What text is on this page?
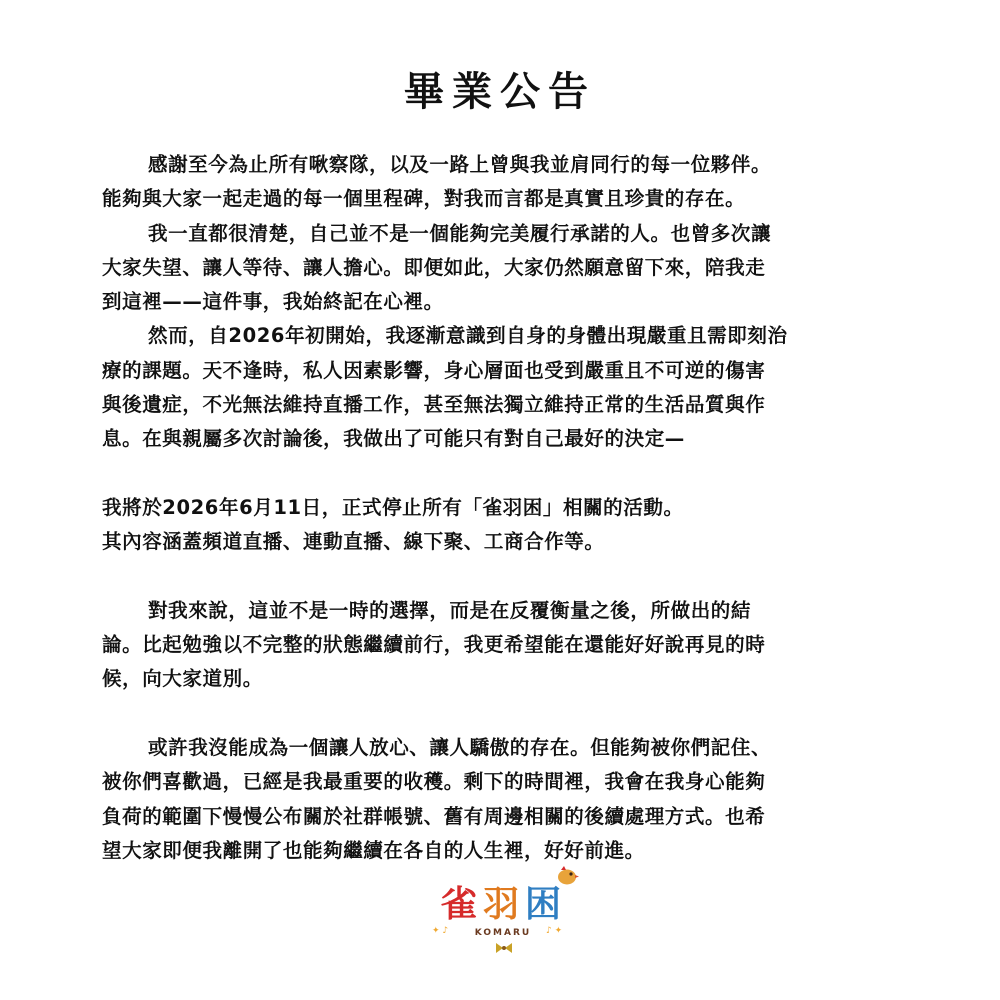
畢業公告

感謝至今為止所有啾察隊，以及一路上曾與我並肩同行的每一位夥伴。

能夠與大家一起走過的每一個里程碑，對我而言都是真實且珍貴的存在。

我一直都很清楚，自己並不是一個能夠完美履行承諾的人。也曾多次讓

大家失望、讓人等待、讓人擔心。即便如此，大家仍然願意留下來，陪我走

到這裡——這件事，我始終記在心裡。

然而，自2026年初開始，我逐漸意識到自身的身體出現嚴重且需即刻治

療的課題。天不逢時，私人因素影響，身心層面也受到嚴重且不可逆的傷害

與後遺症，不光無法維持直播工作，甚至無法獨立維持正常的生活品質與作

息。在與親屬多次討論後，我做出了可能只有對自己最好的決定—

我將於2026年6月11日，正式停止所有「雀羽困」相關的活動。

其內容涵蓋頻道直播、連動直播、線下聚、工商合作等。

對我來說，這並不是一時的選擇，而是在反覆衡量之後，所做出的結

論。比起勉強以不完整的狀態繼續前行，我更希望能在還能好好說再見的時

候，向大家道別。

或許我沒能成為一個讓人放心、讓人驕傲的存在。但能夠被你們記住、

被你們喜歡過，已經是我最重要的收穫。剩下的時間裡，我會在我身心能夠

負荷的範圍下慢慢公布關於社群帳號、舊有周邊相關的後續處理方式。也希

望大家即便我離開了也能夠繼續在各自的人生裡，好好前進。

雀羽困
✦ ♪	♪ ✦
KOMARU
